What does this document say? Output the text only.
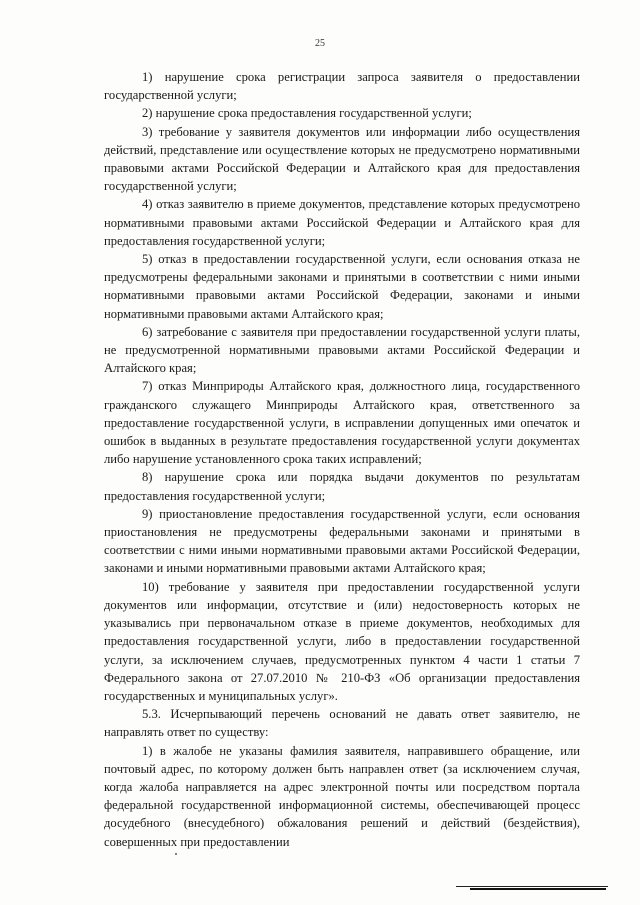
25

1) нарушение срока регистрации запроса заявителя о предоставлении государственной услуги;

2) нарушение срока предоставления государственной услуги;

3) требование у заявителя документов или информации либо осуществления действий, представление или осуществление которых не предусмотрено нормативными правовыми актами Российской Федерации и Алтайского края для предоставления государственной услуги;

4) отказ заявителю в приеме документов, представление которых предусмотрено нормативными правовыми актами Российской Федерации и Алтайского края для предоставления государственной услуги;

5) отказ в предоставлении государственной услуги, если основания отказа не предусмотрены федеральными законами и принятыми в соответствии с ними иными нормативными правовыми актами Российской Федерации, законами и иными нормативными правовыми актами Алтайского края;

6) затребование с заявителя при предоставлении государственной услуги платы, не предусмотренной нормативными правовыми актами Российской Федерации и Алтайского края;

7) отказ Минприроды Алтайского края, должностного лица, государственного гражданского служащего Минприроды Алтайского края, ответственного за предоставление государственной услуги, в исправлении допущенных ими опечаток и ошибок в выданных в результате предоставления государственной услуги документах либо нарушение установленного срока таких исправлений;

8) нарушение срока или порядка выдачи документов по результатам предоставления государственной услуги;

9) приостановление предоставления государственной услуги, если основания приостановления не предусмотрены федеральными законами и принятыми в соответствии с ними иными нормативными правовыми актами Российской Федерации, законами и иными нормативными правовыми актами Алтайского края;

10) требование у заявителя при предоставлении государственной услуги документов или информации, отсутствие и (или) недостоверность которых не указывались при первоначальном отказе в приеме документов, необходимых для предоставления государственной услуги, либо в предоставлении государственной услуги, за исключением случаев, предусмотренных пунктом 4 части 1 статьи 7 Федерального закона от 27.07.2010 № 210-ФЗ «Об организации предоставления государственных и муниципальных услуг».

5.3. Исчерпывающий перечень оснований не давать ответ заявителю, не направлять ответ по существу:

1) в жалобе не указаны фамилия заявителя, направившего обращение, или почтовый адрес, по которому должен быть направлен ответ (за исключением случая, когда жалоба направляется на адрес электронной почты или посредством портала федеральной государственной информационной системы, обеспечивающей процесс досудебного (внесудебного) обжалования решений и действий (бездействия), совершенных при предоставлении
